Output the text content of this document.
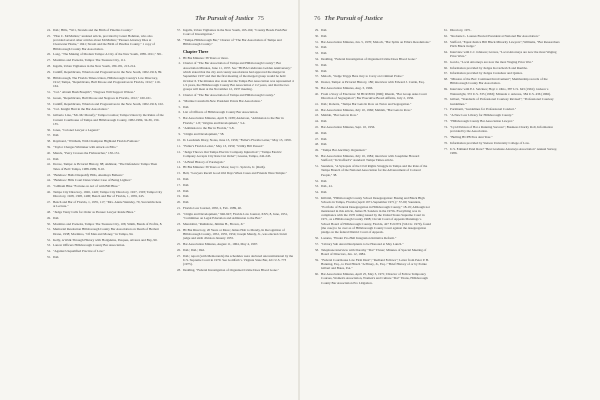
The Pursuit of Justice 75
24. Ibid.; Hills, "Wt1, Strands and the Birth of Pinellas County."
25. "Hon C. McMullen," undated article, provided by Grant Hohman, who also provided several other articles about McMullen; "Pioneer Attorney Dies at Clearwater Home," 1941; Straub and the Birth of Pinellas County," 1 copy of Hillsborough County Bar Association.
26. Long, "The Making of Modern Tampa: A City of the New South, 1885-1911," 301.
27. Mormino and Pozzetta, Tampa: The Treasure City, 111.
28. Ingalls, Urban Vigilantes in the New South, 180-181, 213-214.
29. Cunliff, Republicans, Wharton and Progressives in the New South, 1902-1916, 89.
30. Hillsborough, The Florida Times-Union, Hillsborough County's Law Directory, 1912; Tampa, "Republicans, Bull Moose and Progressives in Florida, 1912," 110-164.
31. "Col." Abram Bush Bosqith"; "Negroes Will Support Wilson."
32. Green, "Republicans, Bull Moose and Negroes in Florida, 1912," 160-161.
33. Cunliff, Republicans, Wharton and Progressives in the New South, 1902-1916, 102.
34. "Col. Knight Hurt in the Bar Association."
35. Gilberto Lina, "Mr. Mc Monafy," Tampa Cosmos; Tampa Union by the Ruins of the Current Courthouse of Tampa and Hillsborough County, 1982-1984, 34-36, 130-135.
36. Jones, "Colonel Lawyer a Legend."
37. Ibid.
38. Raymond, "Wirtham, With Champion Highland Florida Famous."
39. "Taylor Charges Whittaker with Attack on Ellis."
40. Manck, "Perry Crosses the Fishwatcher," 130-131.
41. Ibid.
42. Dovee, Tampa: A Pictorial History, 88; Akhileur, "The Defenders: Tampa Then Tales of Bell: Tampa, 1988-1989, 8-10.
43. "Balehooc Halls Disqualify Hills, Akumaya Balleen."
44. "Balehooc Hills Court Dates Under Case of Being Lighter."
45. "Gillham Hike "Fortune on Act of with Bill Blue."
46. Tampa City Directory, 1926, 1445; Tampa City Directory, 1927, 1303; Tampa City Directory, 1928, 1308, 1406; Bench and Bar of Florida, 1, 1959, 245.
47. Bench and Bar of Florida, 1, 1935, 117; "Mrs. Annie Wentzky, 79, Succumbs here at Lecture."
48. "Judge Vanty Calls for Order as Pioneer Lawyer Inside Bites."
49. Ibid.
50. Mormino and Pozzetta, Tampa: The Treasure City, 106; Smith, Bands of Profits, 8.
51. Memorial Resolution Hillsborough County Bar Association on Death of Herbert Drane, 1938; Mormino, "Of Men and Money," in Tampa, 94.
52. Kelly, A Walk Through History with Hodgekins, Pasques, Alvarez and Bay, 90.
53. Lancer Officers Hillsborough County Bar Association.
54. "Against Unqualified Practice of Law."
55. Ibid.
57. Ingalls, Urban Vigilantes in the New South, 163-164; "County Heads Push Bar Court of Investigation."
58. "Tampa-Hillsborough Bar," Charter of "The Bar Association of Tampa and Hillsborough County."
Chapter Three
1. HCBA Minutes: 38 Years or more.
2. Charter of "The Bar Association of Tampa and Hillsborough County"; Bar Association Minutes, June 11, 1937. See "HCBA Celebrates Golden Anniversary," which stated that the city and county associations had approved the merger in September 1937 and that the first meeting of the merged group would be held October 6. The minutes also state that the Tampa Bar Association was represented 4 1/2 years, the Hillsborough County Bar Association 2 1/2 years, and that the two groups will meet at the November 12, 1937 meeting.
3. Charter of "The Bar Association of Tampa and Hillsborough County."
4. "Marilee Cassidolli-New President Points Bar Association."
5. Ibid.
6. List of Officers of Hillsborough County Bar Association.
7. Bar Association Minutes, April 8, 1938; Anderson, "Admission to the Bar in Florida," 1-8; "Origins and Development," 3-4.
8. "Admission to the Bar in Florida," 5-8.
9. "Origin and Development," 58.
10. D. Leadstark Diary, Notes, June 13, 1956; "Fuller's Florida Letter," May 13, 1959.
11. "Fuller's Florida Letter," May 13, 1959; "Utility Bill Passed."
12. "Judge Throws Out Tampa Electric Company Injunction"; "Tampa Electric Company Accepts City Rate Cut Order"; Greene, Tampa, 242-245.
13. "A Brief History of Paralegals."
14. HCBA Minutes: 39 Years or More; Guy C. Spivola, Jr. (Ruth).
15. Bell, "Lawyers Recall Good Old Days When Cases and Friends Were Simple."
16. Ibid.
17. Ibid.
18. Ibid.
19. Ibid.
20. Ibid.
21. Florida Law Journal, 1950, 2, Feb. 1989, 40.
22. "Origin and Development," 946-947; Florida Law Journal, XXV, 8, June, 1951, "Committee on Legal Education and Admission to the Bar."
23. Mandolini, "Ruthshaw, Jimmie H., Brown, Jr."
24. HCBA Directory, 20 Years or More; James Holt to Mondy, In Recognition of Hillsborough County, 1952, 1955, 1954; Joseph Mandy, Jr., was elected circuit judge and sixth division January 1955.
25. Bar Association Minutes, August 11, 1964, May 4, 1967.
26. Ibid.; Ibid.; Ibid.
27. Ibid.; report (with Memoranda) the schedules were declared unconstitutional by the U.S. Supreme Court in 1970. See Goldfarb v. Virginia State Bar, 421 U.S. 773 (1975).
28. Dedding, "Federal Investigation of Organized Crime Does Blood Gone."
76 The Pursuit of Justice
29. Ibid.
30. Ibid.
31. Bar Association Minutes, Jan. 5, 1970; Maloch, "Bar Splits on Ethics Resolutions."
32. Ibid.
33. Ibid.
34. Dedding, "Federal Investigation of Organized Crime Does Blood Gone."
35. Ibid.
36. Ibid.
37. Maloch, "Judge Triggs Here Jury to Carry on Criminal Probe."
38. Doster, Tampa: A Pictorial History, 186; interview with Edward J. Curtin, Esq.
39. Bar Association Minutes, Aug. 3, 1966.
40. From a Story of Elections: 56 HCR 8001 (996); Rharsh, "Bar Group Asks Court Direction of Segregation"; Bar Executive Board Affirms, July 2, 1956.
41. Ibid.; Roberts, "Tampa Bar Gets In Row on Twice and Segregation."
42. Bar Association Minutes, July 10, 1966; Mahlah, "Bar Gets in Row."
43. Mahlah, "Bar Gets in Row."
44. Ibid.
45. Bar Association Minutes, Sept. 10, 1956.
46. Ibid.
47. Ibid.
48. Ibid.
49. "Tampa Bar Ancillary Organized."
50. Bar Association Minutes, July 16, 1984; interview with Josephine Howard Stafford; "In Stafford's" standard: Tampa Times article.
51. Saunders, "A Synopsis of the Civil Rights Struggle in Tampa and the Role of the Tampa Branch of the National Association for the Advancement of Colored People," 38.
52. Ibid.
53. Ibid., 41.
54. Ibid.
55. Kilbrizl, "Hillsborough County School Desegregation: Busing and Black High Schools in Tampa, Florida (April 1971-September 1971)," 57-60; Saunders, "Portfolio of Federal Desegregation in Hillsborough County," 18-19; Although not mentioned in this article, James H. Sanders in the 1970s. Everything was in compliance with the 1970 ruling issued by the United States Supreme Court in 1971, as a Hillsborough County 1968; Circuit Court of Appeals Mannings v. School Board of Hillsborough County, Florida, 427 F.2d 874 (5th Cir. 1970), found (the case) to be over as of Hillsborough County Court against the desegregation pledge on the federal District Court of Appeals.
56. Lazarus, "Pinder Pro-Hall Integration Initiative Reform."
57. "Library Sub Award Recipients to be Honored at May Lunch."
58. Telephone interview with Dorothy "Dot" Tivner; Minutes of Special Meeting of Board of Directors, Jan. 12, 1984.
59. "Federal Courthouse Law Firm Dual"; "Redland Fellows"; Letter from Peter P. B. Hanning, Esq., to Paul Hirsch "A Pitney, Jr., Esq.: "Brief History of or by Pointe Gilbert and Bates, P.A."
60. Bar Association Minutes, April 25, May 3, 1971; Director of Fellow Temporary Courses, Women's Association, Women's and Culture "Dot" Titans, Hillsborough County Bar Association Pro Litigation.
61. Directory, 1971.
62. "Rodonte L. Lounes Elected President at National Bar Association."
63. Stafford, "Equal Justice Bill Black Minority Lawyers"; Williams, "Bar Researchers Pitch Black Judge."
64. Interview with C.J. Johnson; Graves, "Local Attorneys are now the most Waging Price Wars."
65. Garcia, "Local Attorneys are now the most Waging Price War."
66. Information provided by Judges Kovachevich and Ruebbe.
67. Information provided by Judges Crenshaw and Quince.
68. "Mission of the Bar: Continued Involvement"; Membership records of the Hillsborough County Bar Association.
69. Interview with E.J. Salcines; Hoyt v. Ohio, 387 U.S. 643 (1961); Gideon v. Wainwright, 372 U.S. 335 (1963); Miranda v. Arizona, 384 U.S. 436 (1966).
70. Gilbert, "Standards of Professional Courtesy Revised"; "Professional Courtesy Guidelines."
71. Portmanti, "Guidelines for Professional Conduct."
72. "A New Law Library for Hillsborough County."
73. "Hillsborough County Bar Association Lawyer."
74. "Lyn Division of Bar a Running Success"; Business Charity Roll, Information provided by the Association.
75. "Bulling HCPB Pres dent Year."
76. Information provided by Stetson University College of Law.
77. U.S. Edmund Patel Rare? "Best Graduate Attorneys Association" Annual Survey, 1986.
